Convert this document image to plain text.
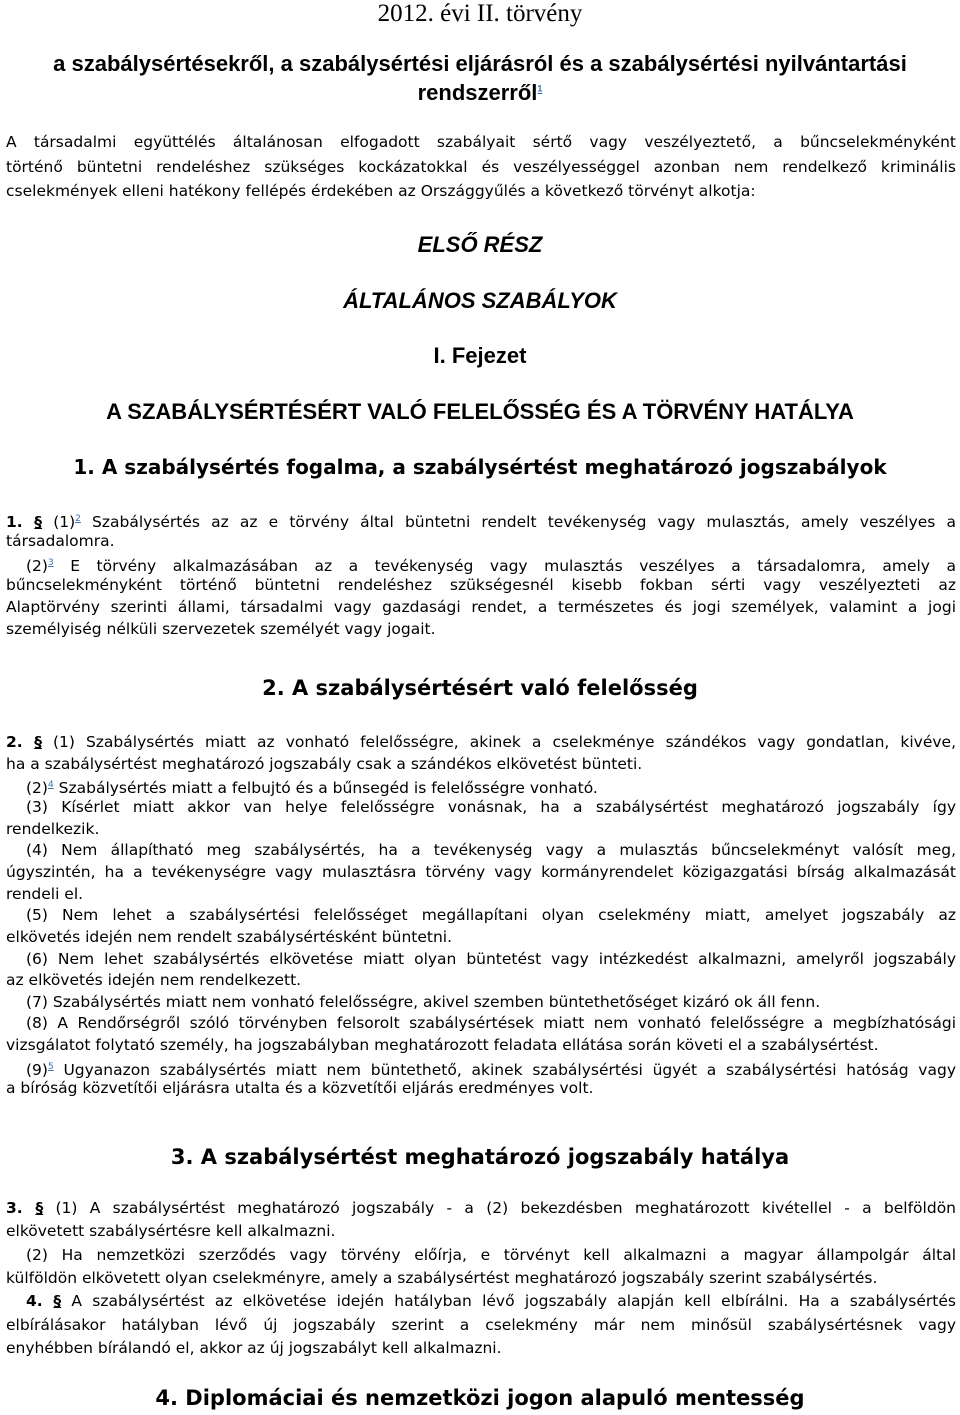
2012. évi II. törvény
a szabálysértésekről, a szabálysértési eljárásról és a szabálysértési nyilvántartási
rendszerről$^1$
A társadalmi együttélés általánosan elfogadott szabályait sértő vagy veszélyeztető, a bűncselekményként
történő büntetni rendeléshez szükséges kockázatokkal és veszélyességgel azonban nem rendelkező kriminális
cselekmények elleni hatékony fellépés érdekében az Országgyűlés a következő törvényt alkotja:
ELSŐ RÉSZ
ÁLTALÁNOS SZABÁLYOK
I. Fejezet
A SZABÁLYSÉRTÉSÉRT VALÓ FELELŐSSÉG ÉS A TÖRVÉNY HATÁLYA
1. A szabálysértés fogalma, a szabálysértést meghatározó jogszabályok
1. § $(1)^2$ Szabálysértés az az e törvény által büntetni rendelt tevékenység vagy mulasztás, amely veszélyes a
társadalomra.
$(2)^3$ E törvény alkalmazásában az a tevékenység vagy mulasztás veszélyes a társadalomra, amely a
bűncselekményként történő büntetni rendeléshez szükségesnél kisebb fokban sérti vagy veszélyezteti az
Alaptörvény szerinti állami, társadalmi vagy gazdasági rendet, a természetes és jogi személyek, valamint a jogi
személyiség nélküli szervezetek személyét vagy jogait.
2. A szabálysértésért való felelősség
2. § (1) Szabálysértés miatt az vonható felelősségre, akinek a cselekménye szándékos vagy gondatlan, kivéve,
ha a szabálysértést meghatározó jogszabály csak a szándékos elkövetést bünteti.
$(2)^4$ Szabálysértés miatt a felbujtó és a bűnsegéd is felelősségre vonható.
(3) Kísérlet miatt akkor van helye felelősségre vonásnak, ha a szabálysértést meghatározó jogszabály így
rendelkezik.
(4) Nem állapítható meg szabálysértés, ha a tevékenység vagy a mulasztás bűncselekményt valósít meg,
úgyszintén, ha a tevékenységre vagy mulasztásra törvény vagy kormányrendelet közigazgatási bírság alkalmazását
rendeli el.
(5) Nem lehet a szabálysértési felelősséget megállapítani olyan cselekmény miatt, amelyet jogszabály az
elkövetés idején nem rendelt szabálysértésként büntetni.
(6) Nem lehet szabálysértés elkövetése miatt olyan büntetést vagy intézkedést alkalmazni, amelyről jogszabály
az elkövetés idején nem rendelkezett.
(7) Szabálysértés miatt nem vonható felelősségre, akivel szemben büntethetőséget kizáró ok áll fenn.
(8) A Rendőrségről szóló törvényben felsorolt szabálysértések miatt nem vonható felelősségre a megbízhatósági
vizsgálatot folytató személy, ha jogszabályban meghatározott feladata ellátása során követi el a szabálysértést.
$(9)^5$ Ugyanazon szabálysértés miatt nem büntethető, akinek szabálysértési ügyét a szabálysértési hatóság vagy
a bíróság közvetítői eljárásra utalta és a közvetítői eljárás eredményes volt.
3. A szabálysértést meghatározó jogszabály hatálya
3. § (1) A szabálysértést meghatározó jogszabály - a (2) bekezdésben meghatározott kivétellel - a belföldön
elkövetett szabálysértésre kell alkalmazni.
(2) Ha nemzetközi szerződés vagy törvény előírja, e törvényt kell alkalmazni a magyar állampolgár által
külföldön elkövetett olyan cselekményre, amely a szabálysértést meghatározó jogszabály szerint szabálysértés.
4. § A szabálysértést az elkövetése idején hatályban lévő jogszabály alapján kell elbírálni. Ha a szabálysértés
elbírálásakor hatályban lévő új jogszabály szerint a cselekmény már nem minősül szabálysértésnek vagy
enyhébben bírálandó el, akkor az új jogszabályt kell alkalmazni.
4. Diplomáciai és nemzetközi jogon alapuló mentesség
